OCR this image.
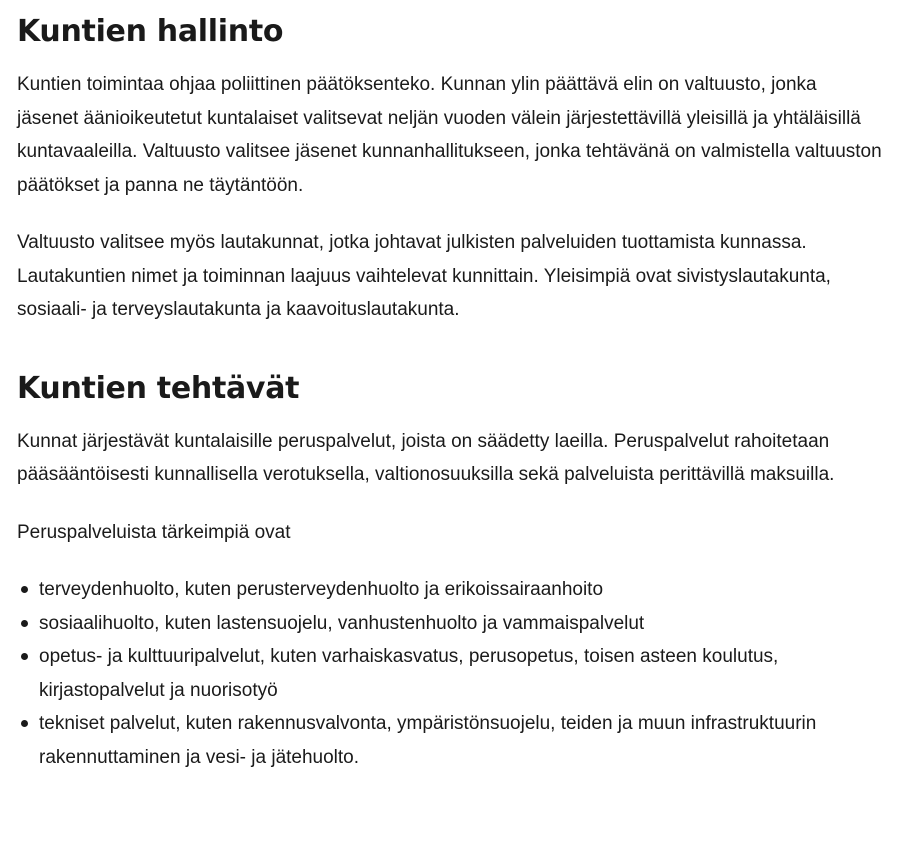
Kuntien hallinto

Kuntien toimintaa ohjaa poliittinen päätöksenteko. Kunnan ylin päättävä elin on valtuusto, jonka jäsenet äänioikeutetut kuntalaiset valitsevat neljän vuoden välein järjestettävillä yleisillä ja yhtäläisillä kuntavaaleilla. Valtuusto valitsee jäsenet kunnanhallitukseen, jonka tehtävänä on valmistella valtuuston päätökset ja panna ne täytäntöön.

Valtuusto valitsee myös lautakunnat, jotka johtavat julkisten palveluiden tuottamista kunnassa. Lautakuntien nimet ja toiminnan laajuus vaihtelevat kunnittain. Yleisimpiä ovat sivistyslautakunta, sosiaali- ja terveyslautakunta ja kaavoituslautakunta.

Kuntien tehtävät

Kunnat järjestävät kuntalaisille peruspalvelut, joista on säädetty laeilla. Peruspalvelut rahoitetaan pääsääntöisesti kunnallisella verotuksella, valtionosuuksilla sekä palveluista perittävillä maksuilla.

Peruspalveluista tärkeimpiä ovat

terveydenhuolto, kuten perusterveydenhuolto ja erikoissairaanhoito
sosiaalihuolto, kuten lastensuojelu, vanhustenhuolto ja vammaispalvelut
opetus- ja kulttuuripalvelut, kuten varhaiskasvatus, perusopetus, toisen asteen koulutus, kirjastopalvelut ja nuorisotyö
tekniset palvelut, kuten rakennusvalvonta, ympäristönsuojelu, teiden ja muun infrastruktuurin rakennuttaminen ja vesi- ja jätehuolto.
